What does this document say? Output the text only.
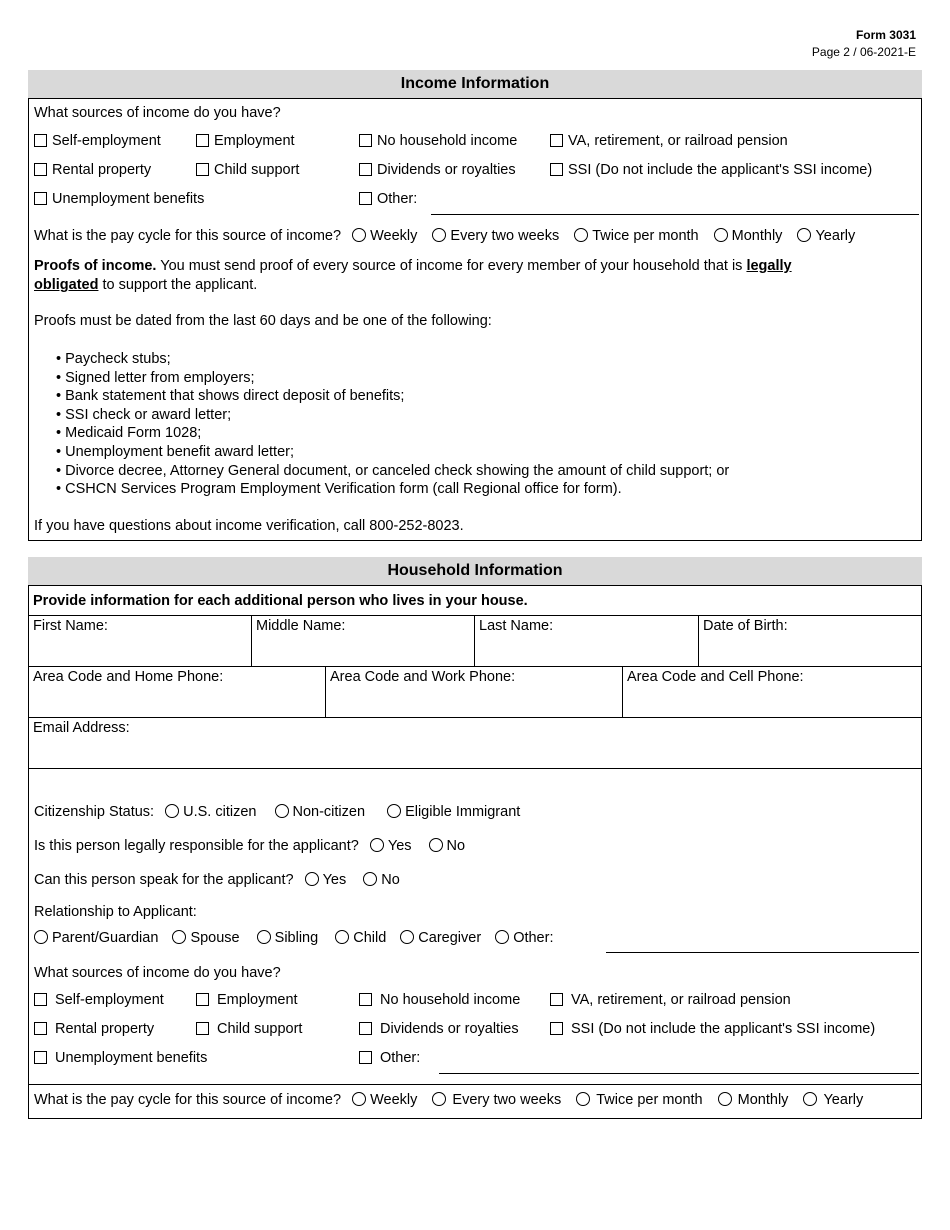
Form 3031
Page 2 / 06-2021-E
Income Information
What sources of income do you have?
Self-employment	Employment	No household income	VA, retirement, or railroad pension
Rental property	Child support	Dividends or royalties	SSI (Do not include the applicant's SSI income)
Unemployment benefits	Other:
What is the pay cycle for this source of income? Weekly Every two weeks Twice per month Monthly Yearly
Proofs of income. You must send proof of every source of income for every member of your household that is legally
obligated to support the applicant.
Proofs must be dated from the last 60 days and be one of the following:
• Paycheck stubs;
• Signed letter from employers;
• Bank statement that shows direct deposit of benefits;
• SSI check or award letter;
• Medicaid Form 1028;
• Unemployment benefit award letter;
• Divorce decree, Attorney General document, or canceled check showing the amount of child support; or
• CSHCN Services Program Employment Verification form (call Regional office for form).
If you have questions about income verification, call 800-252-8023.
Household Information
Provide information for each additional person who lives in your house.
First Name:	Middle Name:	Last Name:	Date of Birth:
Area Code and Home Phone:	Area Code and Work Phone:	Area Code and Cell Phone:
Email Address:
Citizenship Status: U.S. citizen Non-citizen	Eligible Immigrant
Is this person legally responsible for the applicant? Yes No
Can this person speak for the applicant? Yes No
Relationship to Applicant:
Parent/Guardian Spouse Sibling Child Caregiver Other:
What sources of income do you have?
Self-employment	Employment	No household income	VA, retirement, or railroad pension
Rental property	Child support	Dividends or royalties	SSI (Do not include the applicant's SSI income)
Unemployment benefits	Other:
What is the pay cycle for this source of income? Weekly Every two weeks Twice per month Monthly Yearly
